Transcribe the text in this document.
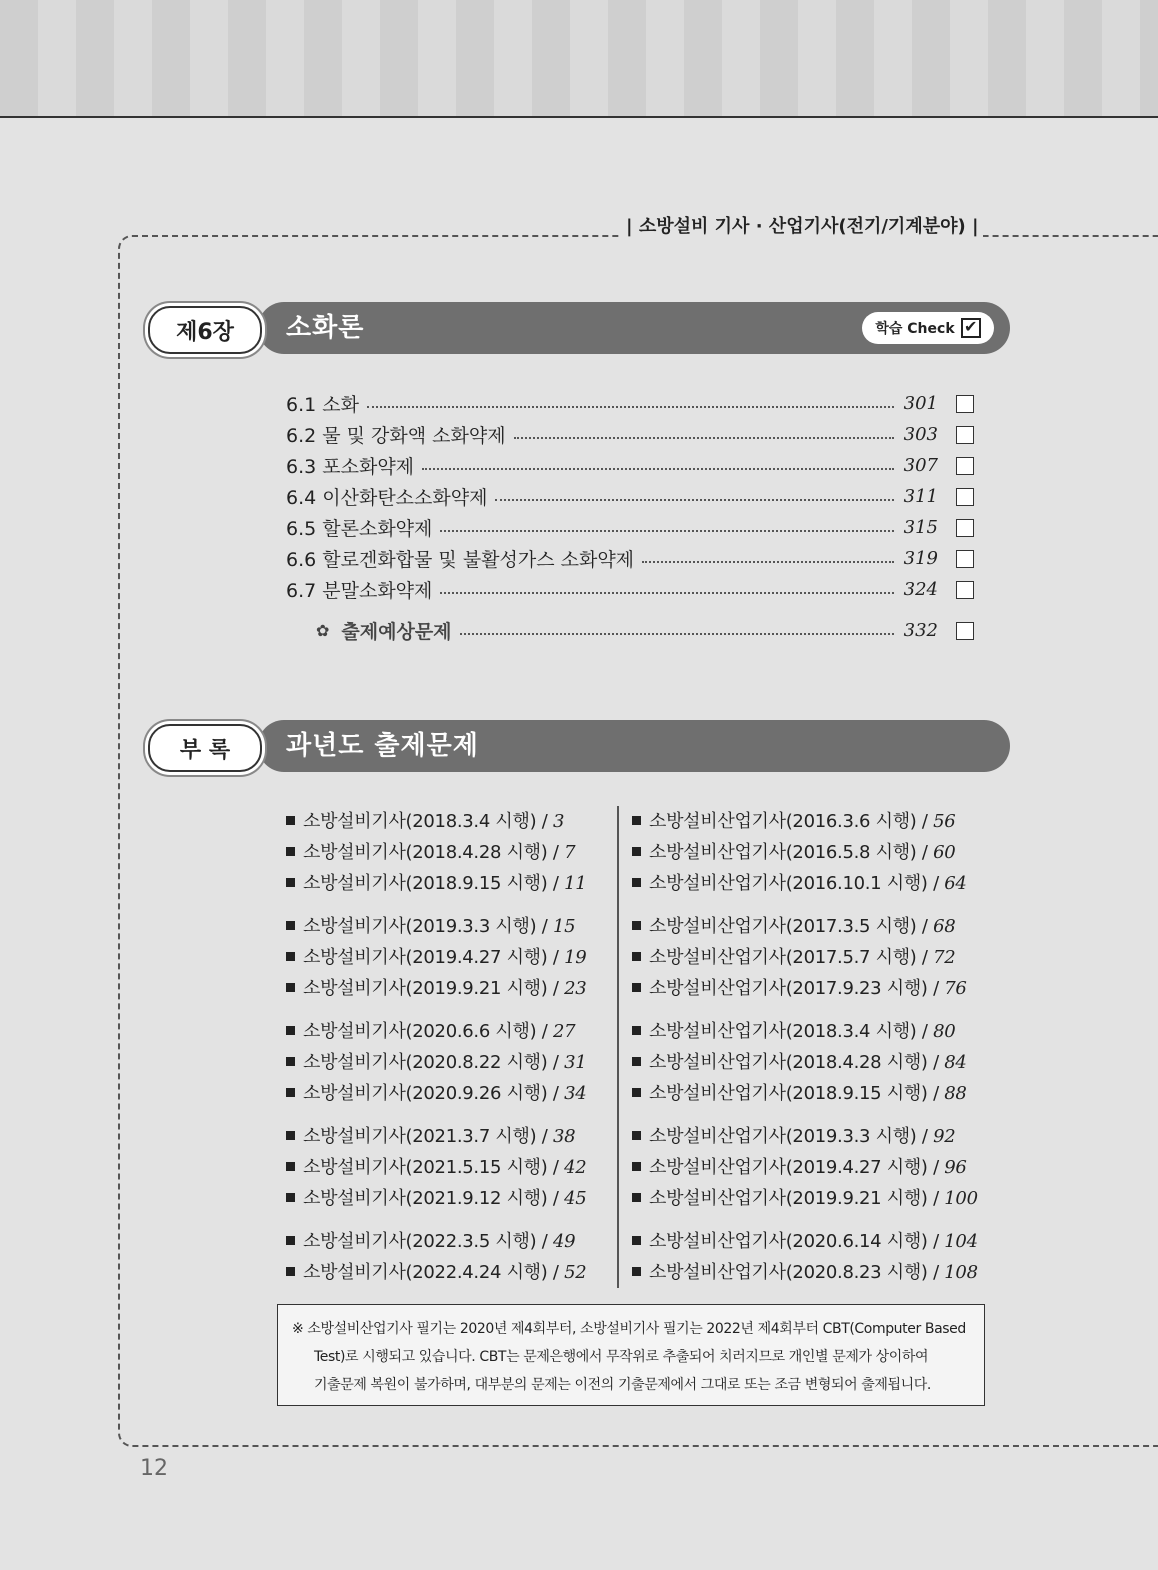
| 소방설비 기사 · 산업기사(전기/기계분야) |
제6장	소화론	학습 Check ✔
6.1 소화	301
6.2 물 및 강화액 소화약제	303
6.3 포소화약제	307
6.4 이산화탄소소화약제	311
6.5 할론소화약제	315
6.6 할로겐화합물 및 불활성가스 소화약제	319
6.7 분말소화약제	324
✿ 출제예상문제	332
부 록	과년도 출제문제
소방설비기사(2018.3.4 시행) / 3
소방설비기사(2018.4.28 시행) / 7
소방설비기사(2018.9.15 시행) / 11
소방설비기사(2019.3.3 시행) / 15
소방설비기사(2019.4.27 시행) / 19
소방설비기사(2019.9.21 시행) / 23
소방설비기사(2020.6.6 시행) / 27
소방설비기사(2020.8.22 시행) / 31
소방설비기사(2020.9.26 시행) / 34
소방설비기사(2021.3.7 시행) / 38
소방설비기사(2021.5.15 시행) / 42
소방설비기사(2021.9.12 시행) / 45
소방설비기사(2022.3.5 시행) / 49
소방설비기사(2022.4.24 시행) / 52
소방설비산업기사(2016.3.6 시행) / 56
소방설비산업기사(2016.5.8 시행) / 60
소방설비산업기사(2016.10.1 시행) / 64
소방설비산업기사(2017.3.5 시행) / 68
소방설비산업기사(2017.5.7 시행) / 72
소방설비산업기사(2017.9.23 시행) / 76
소방설비산업기사(2018.3.4 시행) / 80
소방설비산업기사(2018.4.28 시행) / 84
소방설비산업기사(2018.9.15 시행) / 88
소방설비산업기사(2019.3.3 시행) / 92
소방설비산업기사(2019.4.27 시행) / 96
소방설비산업기사(2019.9.21 시행) / 100
소방설비산업기사(2020.6.14 시행) / 104
소방설비산업기사(2020.8.23 시행) / 108
※ 소방설비산업기사 필기는 2020년 제4회부터, 소방설비기사 필기는 2022년 제4회부터 CBT(Computer Based
Test)로 시행되고 있습니다. CBT는 문제은행에서 무작위로 추출되어 치러지므로 개인별 문제가 상이하여
기출문제 복원이 불가하며, 대부분의 문제는 이전의 기출문제에서 그대로 또는 조금 변형되어 출제됩니다.
12
